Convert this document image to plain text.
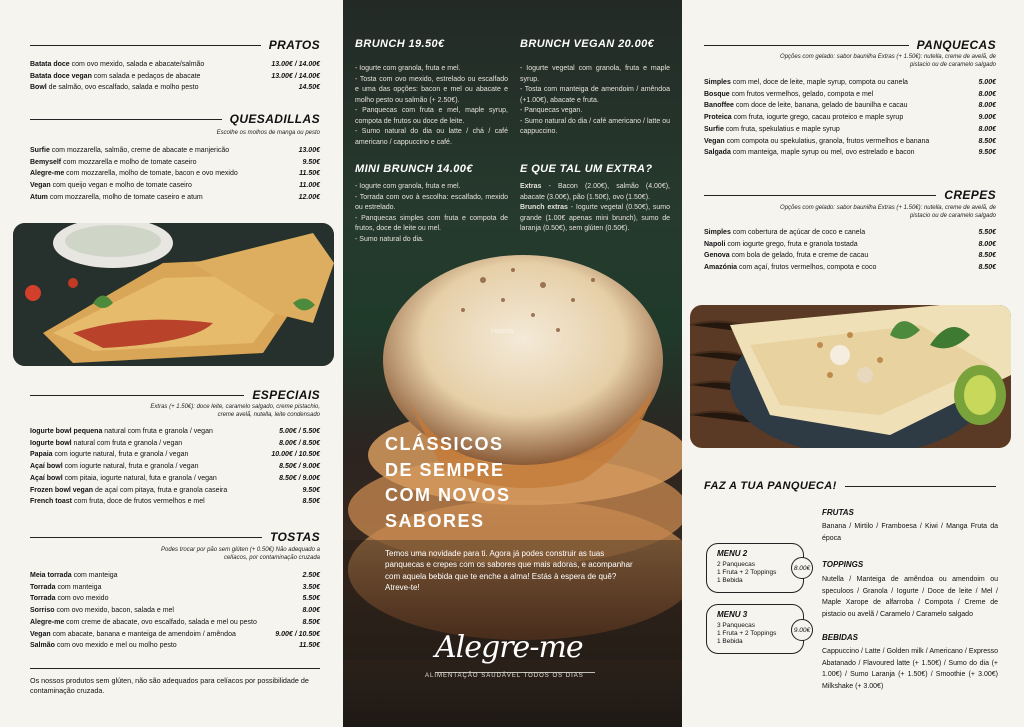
PRATOS
Batata doce com ovo mexido, salada e abacate/salmão	13.00€ / 14.00€
Batata doce vegan com salada e pedaços de abacate	13.00€ / 14.00€
Bowl de salmão, ovo escalfado, salada e molho pesto	14.50€
QUESADILLAS
Escolhe os molhos de manga ou pesto
Surfie com mozzarella, salmão, creme de abacate e manjericão	13.00€
Bemyself com mozzarella e molho de tomate caseiro	9.50€
Alegre-me com mozzarella, molho de tomate, bacon e ovo mexido	11.50€
Vegan com queijo vegan e molho de tomate caseiro	11.00€
Atum com mozzarella, molho de tomate caseiro e atum	12.00€
ESPECIAIS
Extras (+ 1.50€): doce leite, caramelo salgado, creme pistachio, creme avelã, nutella, leite condensado
Iogurte bowl pequena natural com fruta e granola / vegan	5.00€ / 5.50€
Iogurte bowl natural com fruta e granola / vegan	8.00€ / 8.50€
Papaia com iogurte natural, fruta e granola / vegan	10.00€ / 10.50€
Açaí bowl com iogurte natural, fruta e granola / vegan	8.50€ / 9.00€
Açaí bowl com pitaia, iogurte natural, futa e granola / vegan	8.50€ / 9.00€
Frozen bowl vegan de açaí com pitaya, fruta e granola caseira	9.50€
French toast com fruta, doce de frutos vermelhos e mel	8.50€
TOSTAS
Podes trocar por pão sem glúten (+ 0.50€) Não adequado a celíacos, por contaminação cruzada
Meia torrada com manteiga	2.50€
Torrada com manteiga	3.50€
Torrada com ovo mexido	5.50€
Sorriso com ovo mexido, bacon, salada e mel	8.00€
Alegre-me com creme de abacate, ovo escalfado, salada e mel ou pesto	8.50€
Vegan com abacate, banana e manteiga de amendoim / amêndoa	9.00€ / 10.50€
Salmão com ovo mexido e mel ou molho pesto	11.50€
Os nossos produtos sem glúten, não são adequados para celíacos por possibilidade de contaminação cruzada.
Hatenb
BRUNCH 19.50€
- Iogurte com granola, fruta e mel.
- Tosta com ovo mexido, estrelado ou escalfado e uma das opções: bacon e mel ou abacate e molho pesto ou salmão (+ 2.50€).
- Panquecas com fruta e mel, maple syrup, compota de frutos ou doce de leite.
- Sumo natural do dia ou latte / chá / café americano / cappuccino e café.
BRUNCH VEGAN 20.00€
- Iogurte vegetal com granola, fruta e maple syrup.
- Tosta com manteiga de amendoim / amêndoa (+1.00€), abacate e fruta.
- Panquecas vegan.
- Sumo natural do dia / café americano / latte ou cappuccino.
MINI BRUNCH 14.00€
- Iogurte com granola, fruta e mel.
- Torrada com ovo à escolha: escalfado, mexido ou estrelado.
- Panquecas simples com fruta e compota de frutos, doce de leite ou mel.
- Sumo natural do dia.
E QUE TAL UM EXTRA?
Extras - Bacon (2.00€), salmão (4.00€), abacate (3.00€), pão (1.50€), ovo (1.50€).
Brunch extras - Iogurte vegetal (0.50€), sumo grande (1.00€ apenas mini brunch), sumo de laranja (0.50€), sem glúten (0.50€).
CLÁSSICOS
DE SEMPRE
COM NOVOS
SABORES
Temos uma novidade para ti. Agora já podes construir as tuas panquecas e crepes com os sabores que mais adoras, e acompanhar com aquela bebida que te enche a alma! Estás à espera de quê? Atreve-te!
Alegre-me
ALIMENTAÇÃO SAUDÁVEL TODOS OS DIAS
PANQUECAS
Opções com gelado: sabor baunilha Extras (+ 1.50€): nutella, creme de avelã, de pistacio ou de caramelo salgado
Simples com mel, doce de leite, maple syrup, compota ou canela	5.00€
Bosque com frutos vermelhos, gelado, compota e mel	8.00€
Banoffee com doce de leite, banana, gelado de baunilha e cacau	8.00€
Proteica com fruta, iogurte grego, cacau proteico e maple syrup	9.00€
Surfie com fruta, spekulatius e maple syrup	8.00€
Vegan com compota ou spekulatius, granola, frutos vermelhos e banana	8.50€
Salgada com manteiga, maple syrup ou mel, ovo estrelado e bacon	9.50€
CREPES
Opções com gelado: sabor baunilha Extras (+ 1.50€): nutella, creme de avelã, de pistacio ou de caramelo salgado
Simples com cobertura de açúcar de coco e canela	5.50€
Napoli com iogurte grego, fruta e granola tostada	8.00€
Genova com bola de gelado, fruta e creme de cacau	8.50€
Amazónia com açaí, frutos vermelhos, compota e coco	8.50€
FAZ A TUA PANQUECA!
MENU 2
2 Panquecas
1 Fruta + 2 Toppings
1 Bebida
8.00€
MENU 3
3 Panquecas
1 Fruta + 2 Toppings
1 Bebida
9.00€
FRUTAS
Banana / Mirtilo / Framboesa / Kiwi / Manga Fruta da época
TOPPINGS
Nutella / Manteiga de amêndoa ou amendoim ou speculoos / Granola / Iogurte / Doce de leite / Mel / Maple Xarope de alfarroba / Compota / Creme de pistacio ou avelã / Caramelo / Caramelo salgado
BEBIDAS
Cappuccino / Latte / Golden milk / Americano / Expresso Abatanado / Flavoured latte (+ 1.50€) / Sumo do dia (+ 1.00€) / Sumo Laranja (+ 1.50€) / Smoothie (+ 3.00€) Milkshake (+ 3.00€)
